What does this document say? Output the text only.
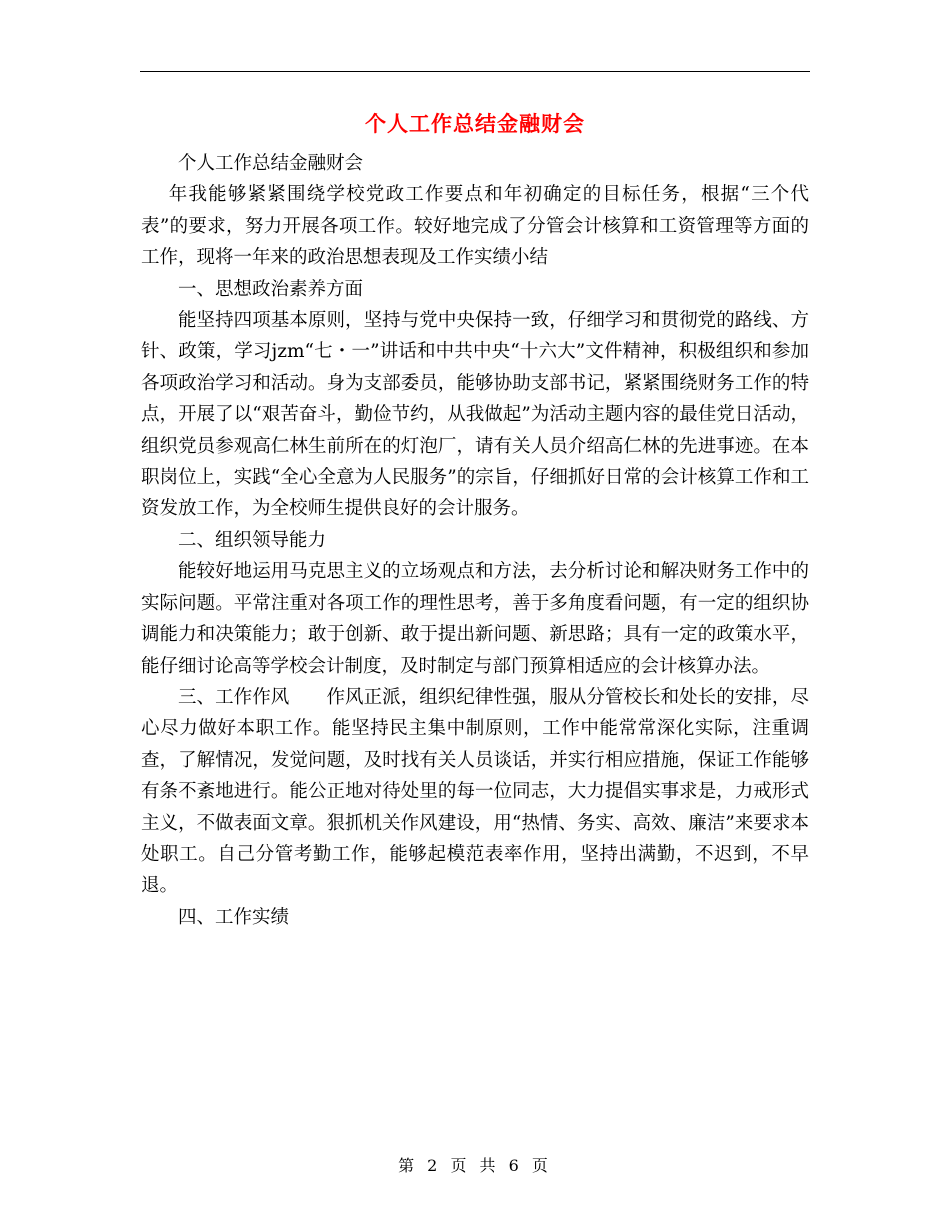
个人工作总结金融财会

个人工作总结金融财会

年我能够紧紧围绕学校党政工作要点和年初确定的目标任务，根据“三个代表”的要求，努力开展各项工作。较好地完成了分管会计核算和工资管理等方面的工作，现将一年来的政治思想表现及工作实绩小结

一、思想政治素养方面

能坚持四项基本原则，坚持与党中央保持一致，仔细学习和贯彻党的路线、方针、政策，学习jzm“七・一”讲话和中共中央“十六大”文件精神，积极组织和参加各项政治学习和活动。身为支部委员，能够协助支部书记，紧紧围绕财务工作的特点，开展了以“艰苦奋斗，勤俭节约，从我做起”为活动主题内容的最佳党日活动，组织党员参观高仁林生前所在的灯泡厂，请有关人员介绍高仁林的先进事迹。在本职岗位上，实践“全心全意为人民服务”的宗旨，仔细抓好日常的会计核算工作和工资发放工作，为全校师生提供良好的会计服务。

二、组织领导能力

能较好地运用马克思主义的立场观点和方法，去分析讨论和解决财务工作中的实际问题。平常注重对各项工作的理性思考，善于多角度看问题，有一定的组织协调能力和决策能力；敢于创新、敢于提出新问题、新思路；具有一定的政策水平，能仔细讨论高等学校会计制度，及时制定与部门预算相适应的会计核算办法。

三、工作作风　　作风正派，组织纪律性强，服从分管校长和处长的安排，尽心尽力做好本职工作。能坚持民主集中制原则，工作中能常常深化实际，注重调查，了解情况，发觉问题，及时找有关人员谈话，并实行相应措施，保证工作能够有条不紊地进行。能公正地对待处里的每一位同志，大力提倡实事求是，力戒形式主义，不做表面文章。狠抓机关作风建设，用“热情、务实、高效、廉洁”来要求本处职工。自己分管考勤工作，能够起模范表率作用，坚持出满勤，不迟到，不早退。

四、工作实绩

第 2 页 共 6 页
